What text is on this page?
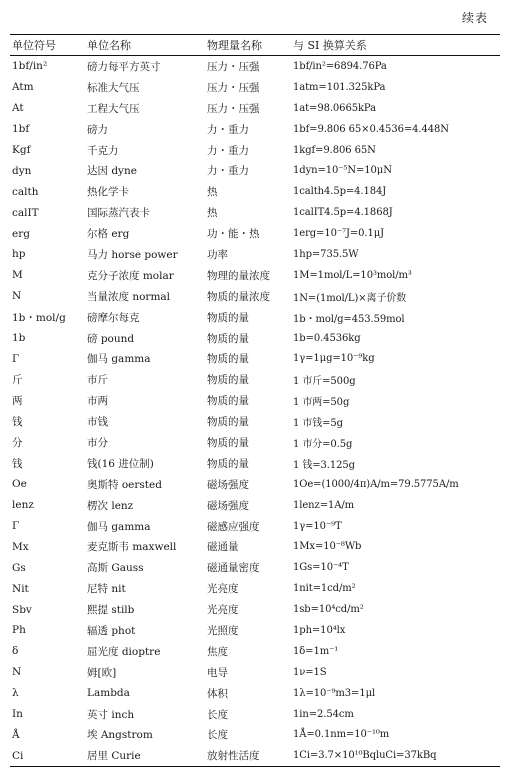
续表
单位符号	单位名称	物理量名称	与 SI 换算关系
1bf/in²	磅力每平方英寸	压力・压强	1bf/in²=6894.76Pa
Atm	标准大气压	压力・压强	1atm=101.325kPa
At	工程大气压	压力・压强	1at=98.0665kPa
1bf	磅力	力・重力	1bf=9.806 65×0.4536=4.448N
Kgf	千克力	力・重力	1kgf=9.806 65N
dyn	达因 dyne	力・重力	1dyn=10⁻⁵N=10μN
calth	热化学卡	热	1calth4.5p=4.184J
calIT	国际蒸汽表卡	热	1calIT4.5p=4.1868J
erg	尔格 erg	功・能・热	1erg=10⁻⁷J=0.1μJ
hp	马力 horse power	功率	1hp=735.5W
M	克分子浓度 molar	物理的量浓度	1M=1mol/L=10³mol/m³
N	当量浓度 normal	物质的量浓度	1N=(1mol/L)×离子价数
1b・mol/g	磅摩尔每克	物质的量	1b・mol/g=453.59mol
1b	磅 pound	物质的量	1b=0.4536kg
Γ	伽马 gamma	物质的量	1γ=1μg=10⁻⁹kg
斤	市斤	物质的量	1 市斤=500g
两	市两	物质的量	1 市两=50g
钱	市钱	物质的量	1 市钱=5g
分	市分	物质的量	1 市分=0.5g
钱	钱(16 进位制)	物质的量	1 钱=3.125g
Oe	奥斯特 oersted	磁场强度	1Oe=(1000/4π)A/m=79.5775A/m
lenz	楞次 lenz	磁场强度	1lenz=1A/m
Γ	伽马 gamma	磁感应强度	1γ=10⁻⁹T
Mx	麦克斯韦 maxwell	磁通量	1Mx=10⁻⁸Wb
Gs	高斯 Gauss	磁通量密度	1Gs=10⁻⁴T
Nit	尼特 nit	光亮度	1nit=1cd/m²
Sbv	熙提 stilb	光亮度	1sb=10⁴cd/m²
Ph	辐透 phot	光照度	1ph=10⁴lx
δ	屈光度 dioptre	焦度	1δ=1m⁻¹
N	姆[欧]	电导	1ν=1S
λ	Lambda	体积	1λ=10⁻⁹m3=1μl
In	英寸 inch	长度	1in=2.54cm
Å	埃 Angstrom	长度	1Å=0.1nm=10⁻¹⁰m
Ci	居里 Curie	放射性活度	1Ci=3.7×10¹⁰BqluCi=37kBq
